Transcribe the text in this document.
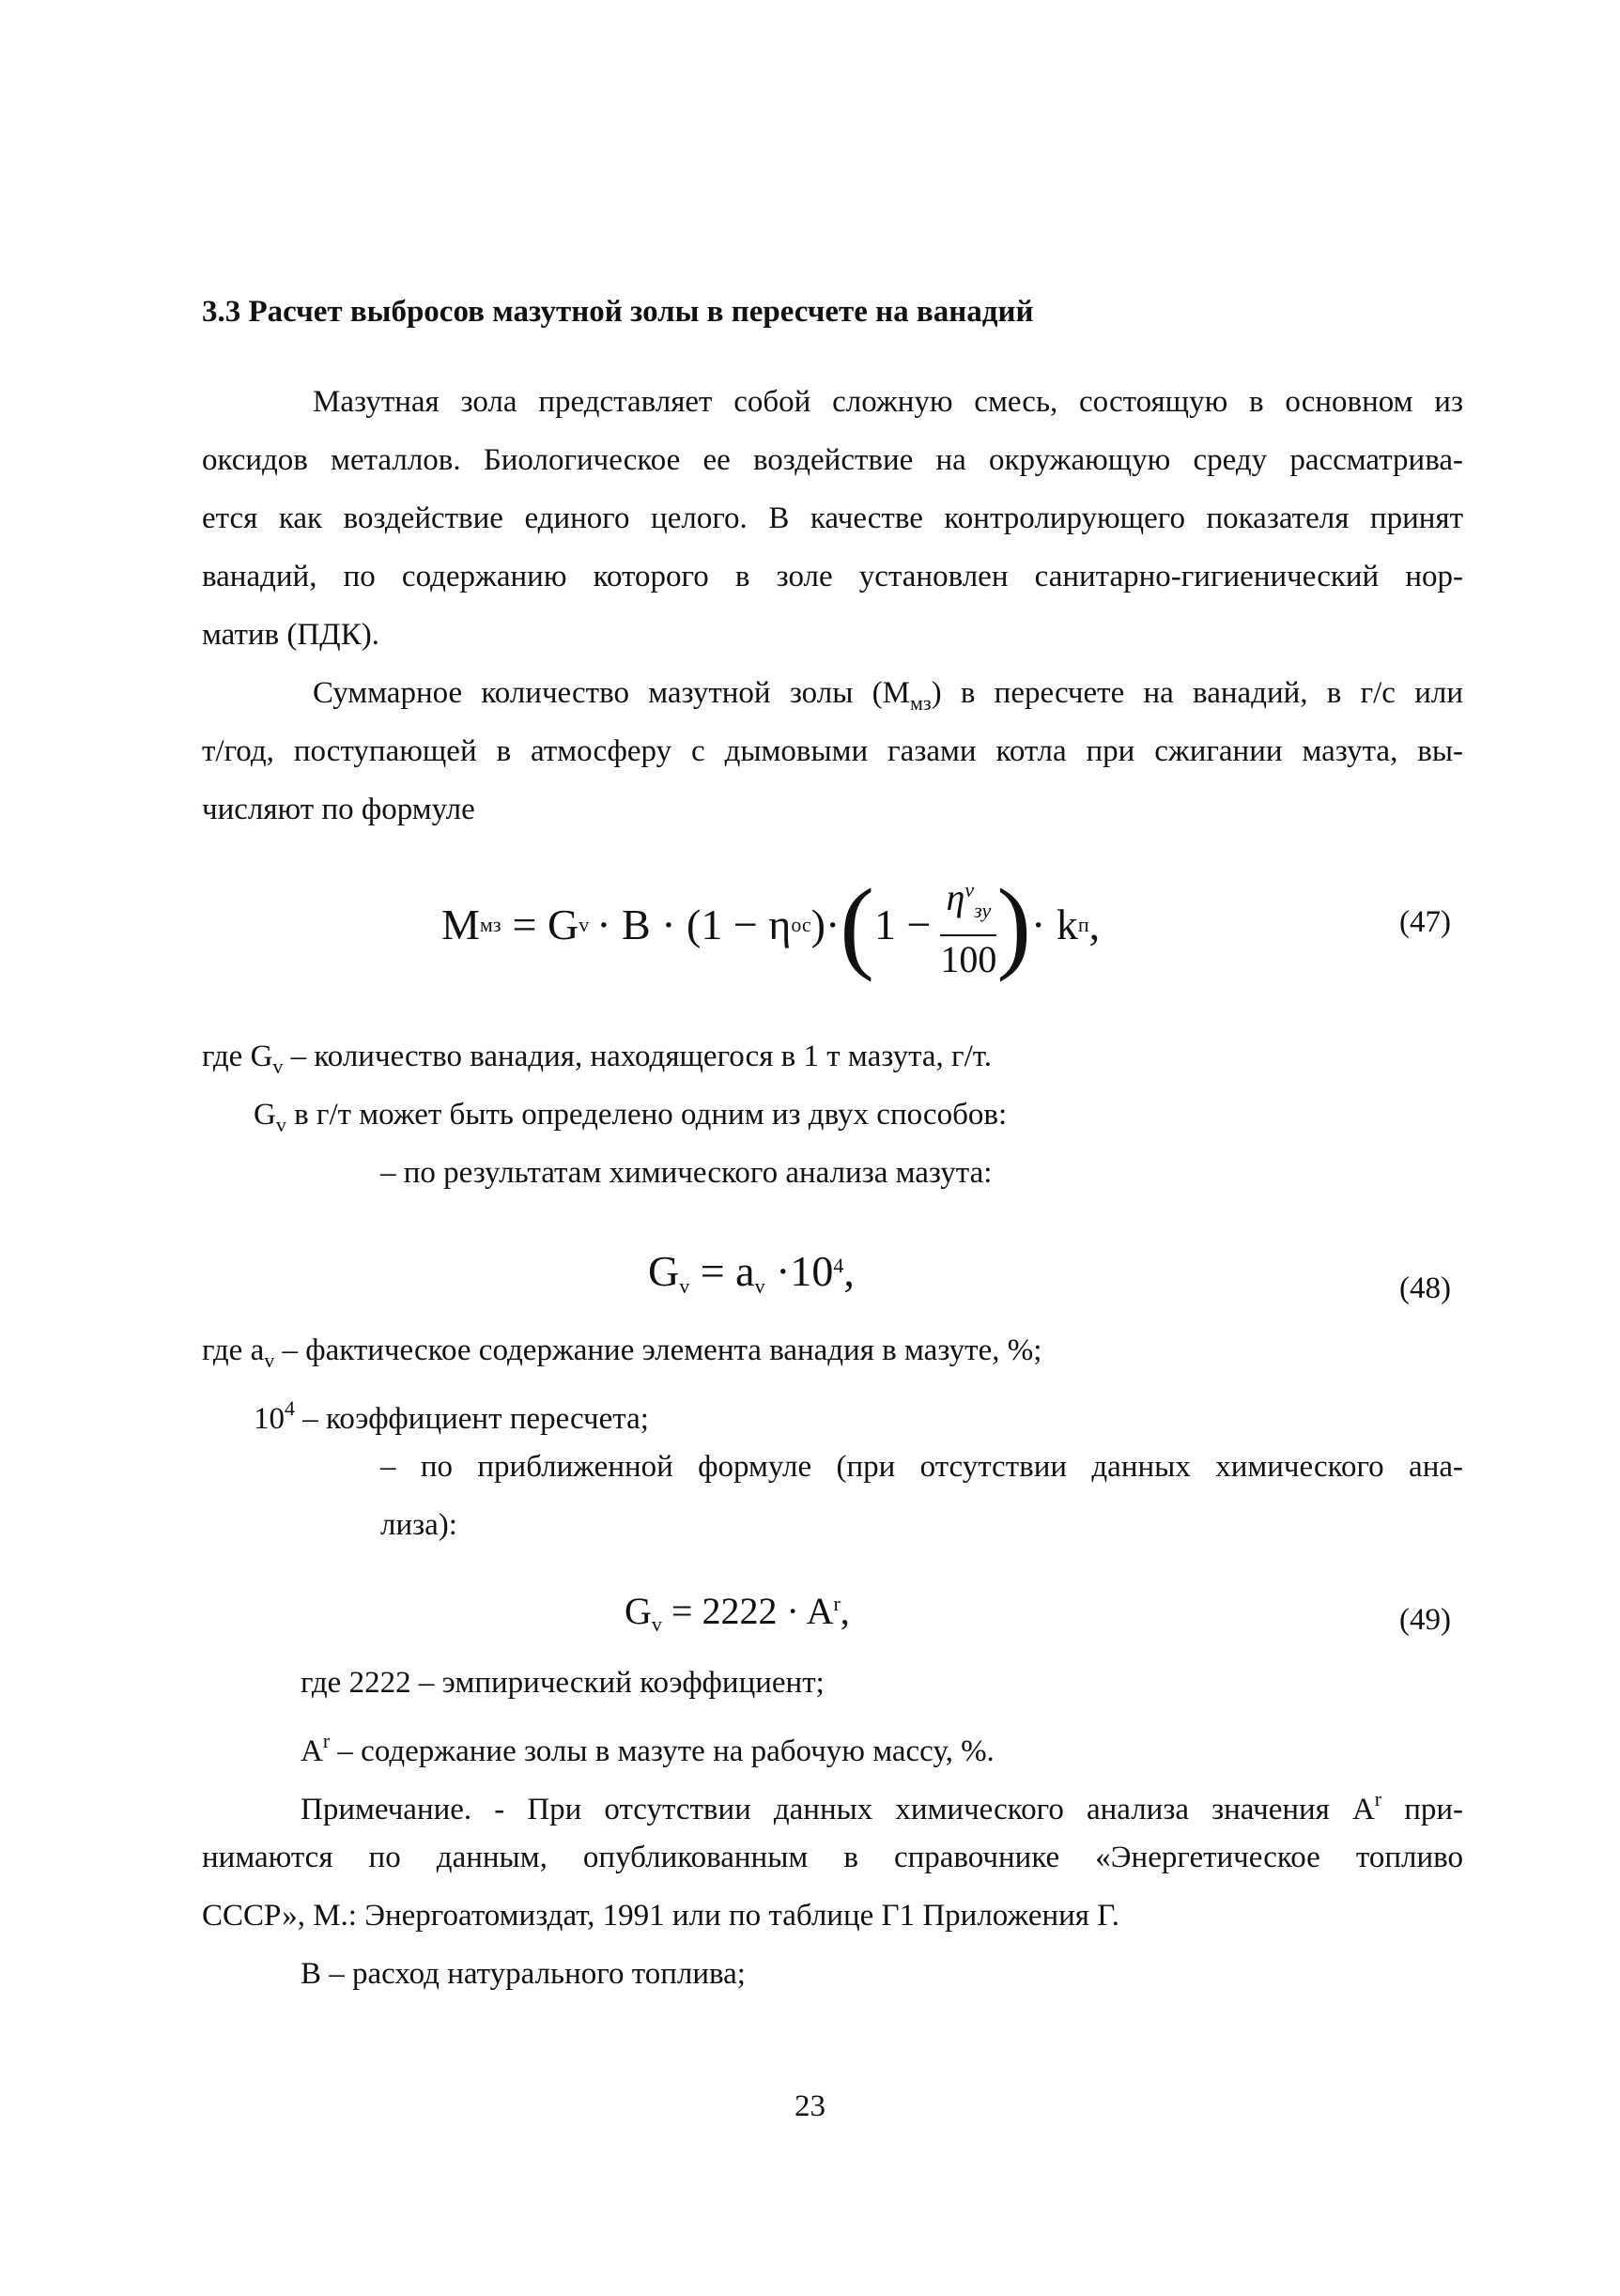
3.3 Расчет выбросов мазутной золы в пересчете на ванадий
Мазутная зола представляет собой сложную смесь, состоящую в основном из
оксидов металлов. Биологическое ее воздействие на окружающую среду рассматрива-
ется как воздействие единого целого. В качестве контролирующего показателя принят
ванадий, по содержанию которого в золе установлен санитарно-гигиенический нор-
матив (ПДК).
Суммарное количество мазутной золы $(М_{мз})$ в пересчете на ванадий, в г/с или
т/год, поступающей в атмосферу с дымовыми газами котла при сжигании мазута, вы-
числяют по формуле
М мз = G v · B · (1 − η ос )· ( $1 - \frac{\eta^v_{зу}}{100}$ ) · k п ,	(47)
где $G_v$ – количество ванадия, находящегося в 1 т мазута, г/т.
$G_v$ в г/т может быть определено одним из двух способов:
– по результатам химического анализа мазута:
Gv = av $\cdot 10^4$,	(48)
где $a_v$ – фактическое содержание элемента ванадия в мазуте, %;
$10^4$ – коэффициент пересчета;
– по приближенной формуле (при отсутствии данных химического ана-
лиза):
$G_v = 2222 \cdot A^r$,	(49)
где 2222 – эмпирический коэффициент;
$A^r$ – содержание золы в мазуте на рабочую массу, %.
Примечание. - При отсутствии данных химического анализа значения $A^r$ при-
нимаются по данным, опубликованным в справочнике «Энергетическое топливо
СССР», М.: Энергоатомиздат, 1991 или по таблице Г1 Приложения Г.
B – расход натурального топлива;
23
